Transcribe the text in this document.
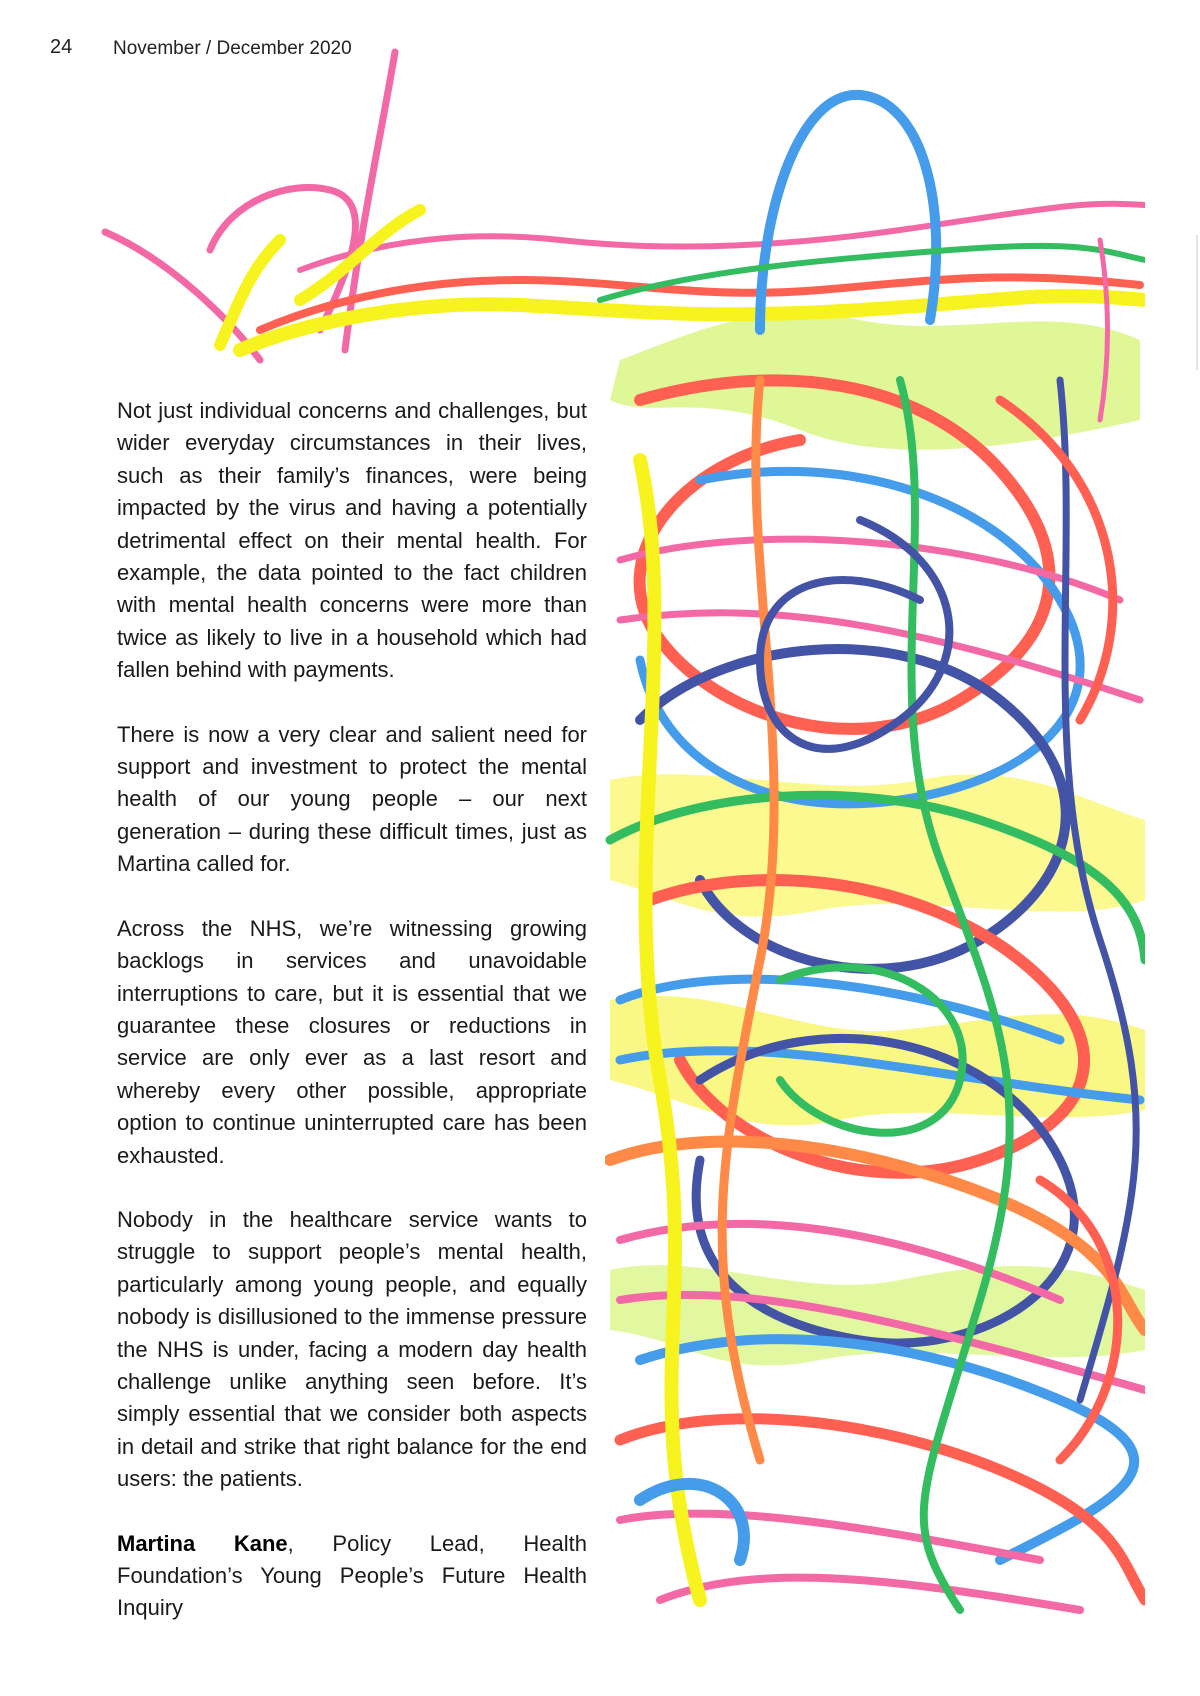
24 November / December 2020

Not just individual concerns and challenges, but wider everyday circumstances in their lives, such as their family’s finances, were being impacted by the virus and having a potentially detrimental effect on their mental health. For example, the data pointed to the fact children with mental health concerns were more than twice as likely to live in a household which had fallen behind with payments.

There is now a very clear and salient need for support and investment to protect the mental health of our young people – our next generation – during these difficult times, just as Martina called for.

Across the NHS, we’re witnessing growing backlogs in services and unavoidable interruptions to care, but it is essential that we guarantee these closures or reductions in service are only ever as a last resort and whereby every other possible, appropriate option to continue uninterrupted care has been exhausted.

Nobody in the healthcare service wants to struggle to support people’s mental health, particularly among young people, and equally nobody is disillusioned to the immense pressure the NHS is under, facing a modern day health challenge unlike anything seen before. It’s simply essential that we consider both aspects in detail and strike that right balance for the end users: the patients.

Martina Kane, Policy Lead, Health Foundation’s Young People’s Future Health Inquiry
